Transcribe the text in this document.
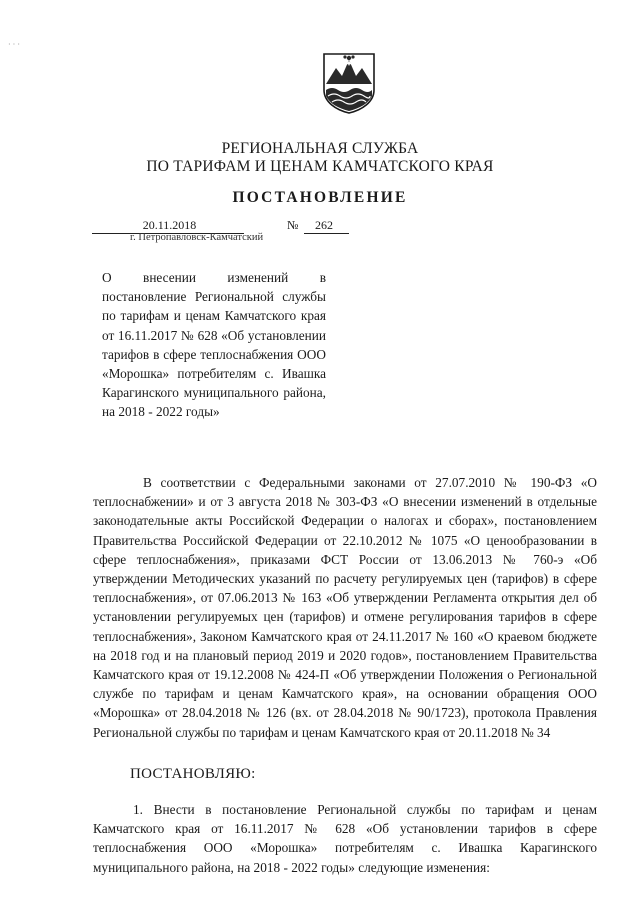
· · ·
РЕГИОНАЛЬНАЯ СЛУЖБА
ПО ТАРИФАМ И ЦЕНАМ КАМЧАТСКОГО КРАЯ
ПОСТАНОВЛЕНИЕ
20.11.2018	№	262
г. Петропавловск-Камчатский
О внесении изменений в постановление Региональной службы по тарифам и ценам Камчатского края от 16.11.2017 № 628 «Об установлении тарифов в сфере теплоснабжения ООО «Морошка» потребителям с. Ивашка Карагинского муниципального района, на 2018 - 2022 годы»
В соответствии с Федеральными законами от 27.07.2010 № 190-ФЗ «О теплоснабжении» и от 3 августа 2018 № 303-ФЗ «О внесении изменений в отдельные законодательные акты Российской Федерации о налогах и сборах», постановлением Правительства Российской Федерации от 22.10.2012 № 1075 «О ценообразовании в сфере теплоснабжения», приказами ФСТ России от 13.06.2013 № 760-э «Об утверждении Методических указаний по расчету регулируемых цен (тарифов) в сфере теплоснабжения», от 07.06.2013 № 163 «Об утверждении Регламента открытия дел об установлении регулируемых цен (тарифов) и отмене регулирования тарифов в сфере теплоснабжения», Законом Камчатского края от 24.11.2017 № 160 «О краевом бюджете на 2018 год и на плановый период 2019 и 2020 годов», постановлением Правительства Камчатского края от 19.12.2008 № 424-П «Об утверждении Положения о Региональной службе по тарифам и ценам Камчатского края», на основании обращения ООО «Морошка» от 28.04.2018 № 126 (вх. от 28.04.2018 № 90/1723), протокола Правления Региональной службы по тарифам и ценам Камчатского края от 20.11.2018 № 34
ПОСТАНОВЛЯЮ:
1. Внести в постановление Региональной службы по тарифам и ценам Камчатского края от 16.11.2017 № 628 «Об установлении тарифов в сфере теплоснабжения ООО «Морошка» потребителям с. Ивашка Карагинского муниципального района, на 2018 - 2022 годы» следующие изменения:
